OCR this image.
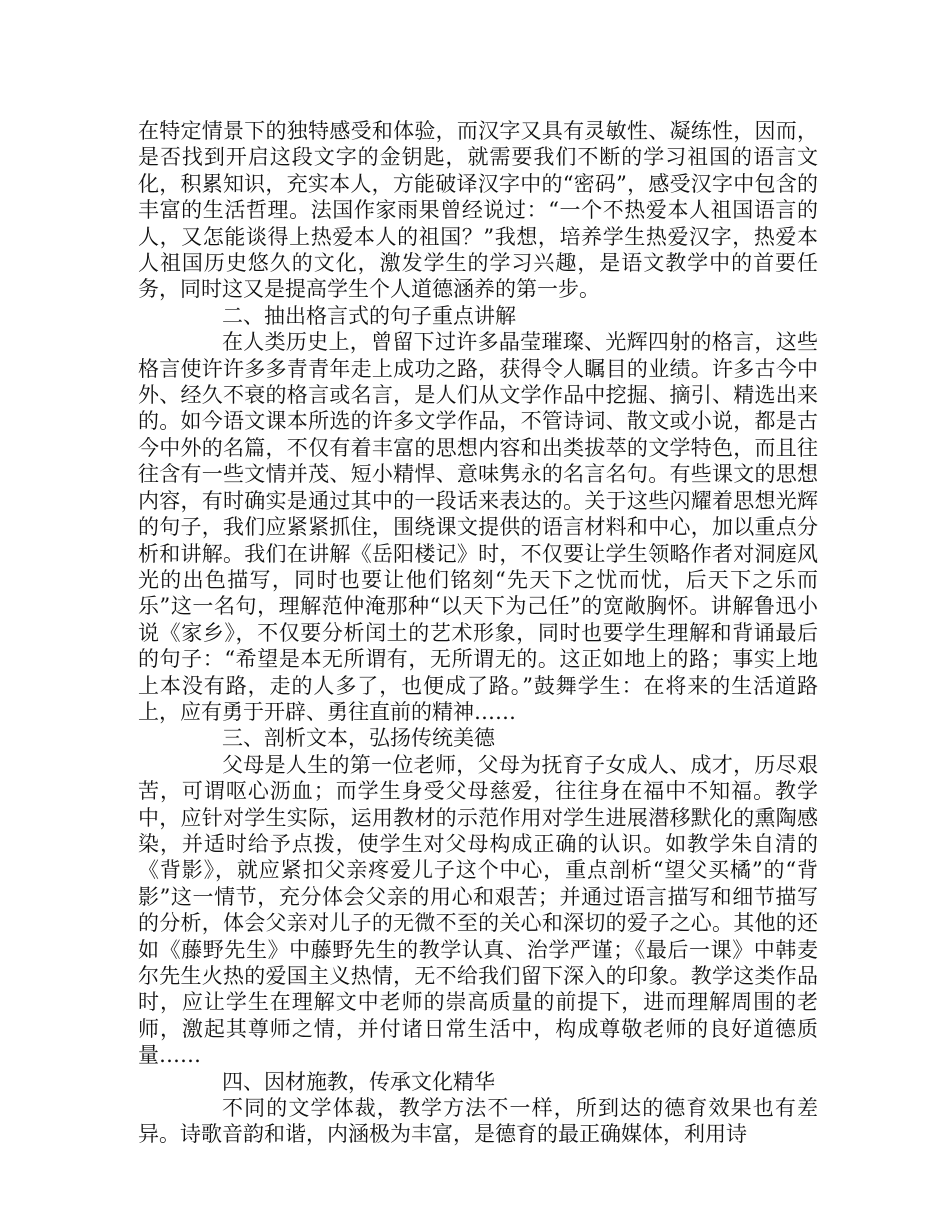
在特定情景下的独特感受和体验，而汉字又具有灵敏性、凝练性，因而，是否找到开启这段文字的金钥匙，就需要我们不断的学习祖国的语言文化，积累知识，充实本人，方能破译汉字中的“密码”，感受汉字中包含的丰富的生活哲理。法国作家雨果曾经说过：“一个不热爱本人祖国语言的人，又怎能谈得上热爱本人的祖国？”我想，培养学生热爱汉字，热爱本人祖国历史悠久的文化，激发学生的学习兴趣，是语文教学中的首要任务，同时这又是提高学生个人道德涵养的第一步。

二、抽出格言式的句子重点讲解

在人类历史上，曾留下过许多晶莹璀璨、光辉四射的格言，这些格言使许许多多青青年走上成功之路，获得令人瞩目的业绩。许多古今中外、经久不衰的格言或名言，是人们从文学作品中挖掘、摘引、精选出来的。如今语文课本所选的许多文学作品，不管诗词、散文或小说，都是古今中外的名篇，不仅有着丰富的思想内容和出类拔萃的文学特色，而且往往含有一些文情并茂、短小精悍、意味隽永的名言名句。有些课文的思想内容，有时确实是通过其中的一段话来表达的。关于这些闪耀着思想光辉的句子，我们应紧紧抓住，围绕课文提供的语言材料和中心，加以重点分析和讲解。我们在讲解《岳阳楼记》时，不仅要让学生领略作者对洞庭风光的出色描写，同时也要让他们铭刻“先天下之忧而忧，后天下之乐而乐”这一名句，理解范仲淹那种“以天下为己任”的宽敞胸怀。讲解鲁迅小说《家乡》，不仅要分析闰土的艺术形象，同时也要学生理解和背诵最后的句子：“希望是本无所谓有，无所谓无的。这正如地上的路；事实上地上本没有路，走的人多了，也便成了路。”鼓舞学生：在将来的生活道路上，应有勇于开辟、勇往直前的精神……

三、剖析文本，弘扬传统美德

父母是人生的第一位老师，父母为抚育子女成人、成才，历尽艰苦，可谓呕心沥血；而学生身受父母慈爱，往往身在福中不知福。教学中，应针对学生实际，运用教材的示范作用对学生进展潜移默化的熏陶感染，并适时给予点拨，使学生对父母构成正确的认识。如教学朱自清的《背影》，就应紧扣父亲疼爱儿子这个中心，重点剖析“望父买橘”的“背影”这一情节，充分体会父亲的用心和艰苦；并通过语言描写和细节描写的分析，体会父亲对儿子的无微不至的关心和深切的爱子之心。其他的还如《藤野先生》中藤野先生的教学认真、治学严谨；《最后一课》中韩麦尔先生火热的爱国主义热情，无不给我们留下深入的印象。教学这类作品时，应让学生在理解文中老师的崇高质量的前提下，进而理解周围的老师，激起其尊师之情，并付诸日常生活中，构成尊敬老师的良好道德质量……

四、因材施教，传承文化精华

不同的文学体裁，教学方法不一样，所到达的德育效果也有差异。诗歌音韵和谐，内涵极为丰富，是德育的最正确媒体，利用诗
